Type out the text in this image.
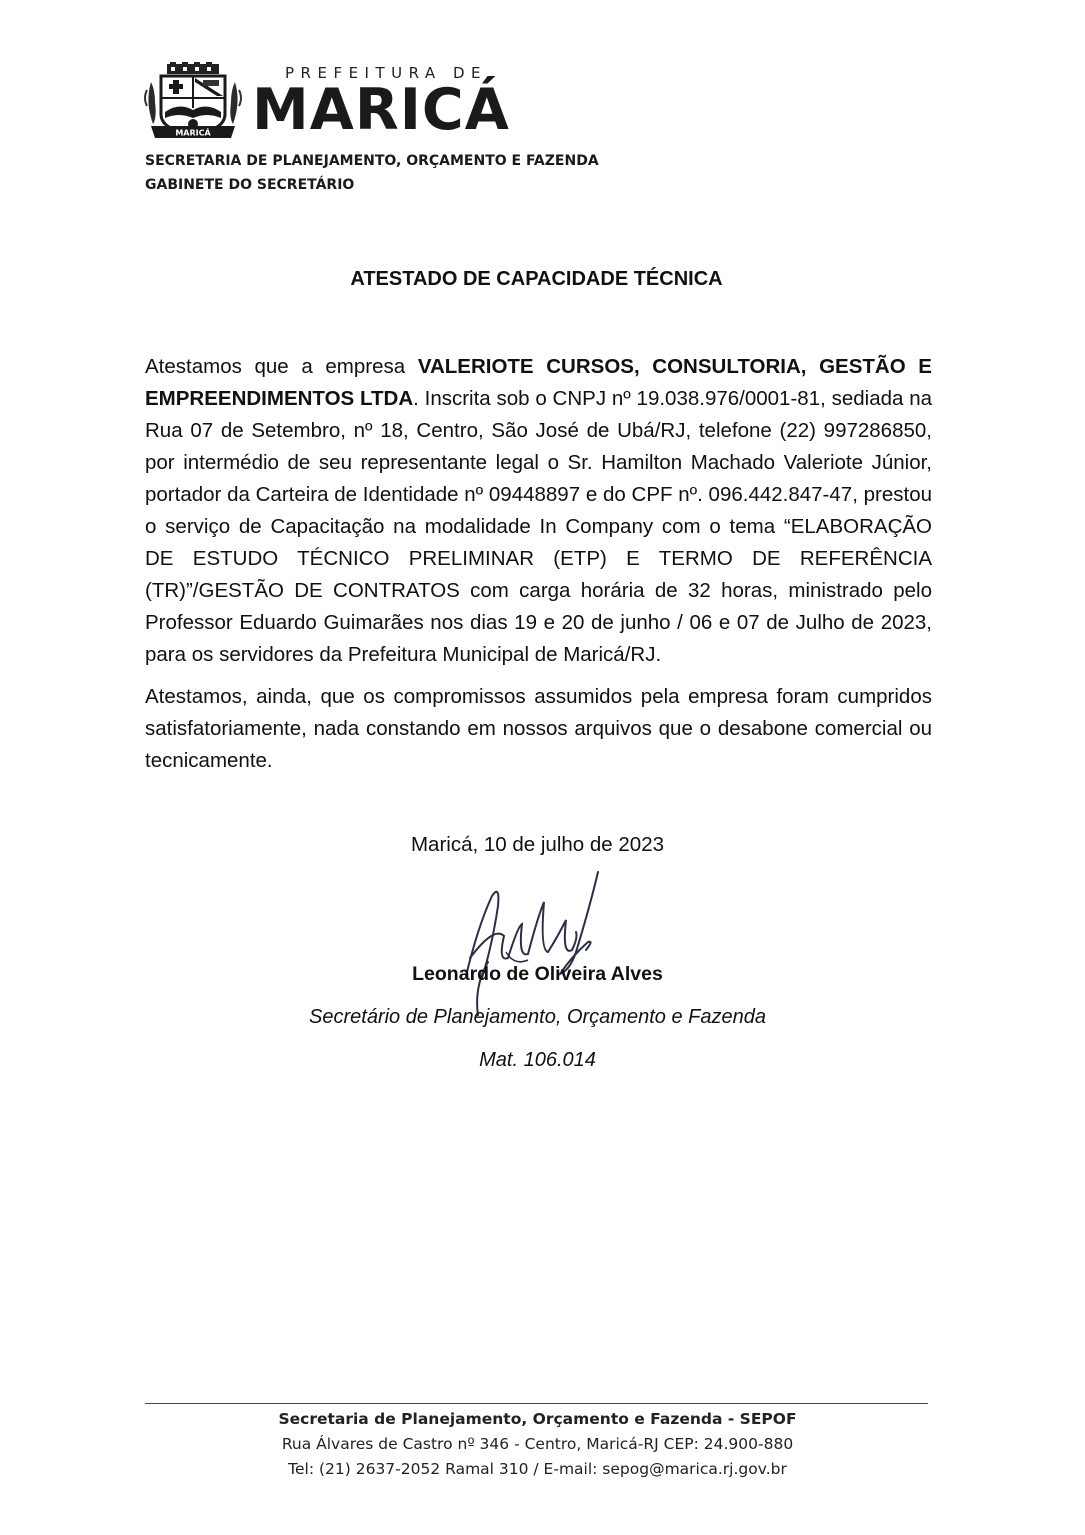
MARICÁ
PREFEITURA DE
MARICÁ
SECRETARIA DE PLANEJAMENTO, ORÇAMENTO E FAZENDA
GABINETE DO SECRETÁRIO
ATESTADO DE CAPACIDADE TÉCNICA
Atestamos que a empresa VALERIOTE CURSOS, CONSULTORIA, GESTÃO E EMPREENDIMENTOS LTDA. Inscrita sob o CNPJ nº 19.038.976/0001-81, sediada na Rua 07 de Setembro, nº 18, Centro, São José de Ubá/RJ, telefone (22) 997286850, por intermédio de seu representante legal o Sr. Hamilton Machado Valeriote Júnior, portador da Carteira de Identidade nº 09448897 e do CPF nº. 096.442.847-47, prestou o serviço de Capacitação na modalidade In Company com o tema “ELABORAÇÃO DE ESTUDO TÉCNICO PRELIMINAR (ETP) E TERMO DE REFERÊNCIA (TR)”/GESTÃO DE CONTRATOS com carga horária de 32 horas, ministrado pelo Professor Eduardo Guimarães nos dias 19 e 20 de junho / 06 e 07 de Julho de 2023, para os servidores da Prefeitura Municipal de Maricá/RJ.
Atestamos, ainda, que os compromissos assumidos pela empresa foram cumpridos satisfatoriamente, nada constando em nossos arquivos que o desabone comercial ou tecnicamente.
Maricá, 10 de julho de 2023
Leonardo de Oliveira Alves
Secretário de Planejamento, Orçamento e Fazenda
Mat. 106.014
Secretaria de Planejamento, Orçamento e Fazenda - SEPOF
Rua Álvares de Castro nº 346 - Centro, Maricá-RJ CEP: 24.900-880
Tel: (21) 2637-2052 Ramal 310 / E-mail: sepog@marica.rj.gov.br
